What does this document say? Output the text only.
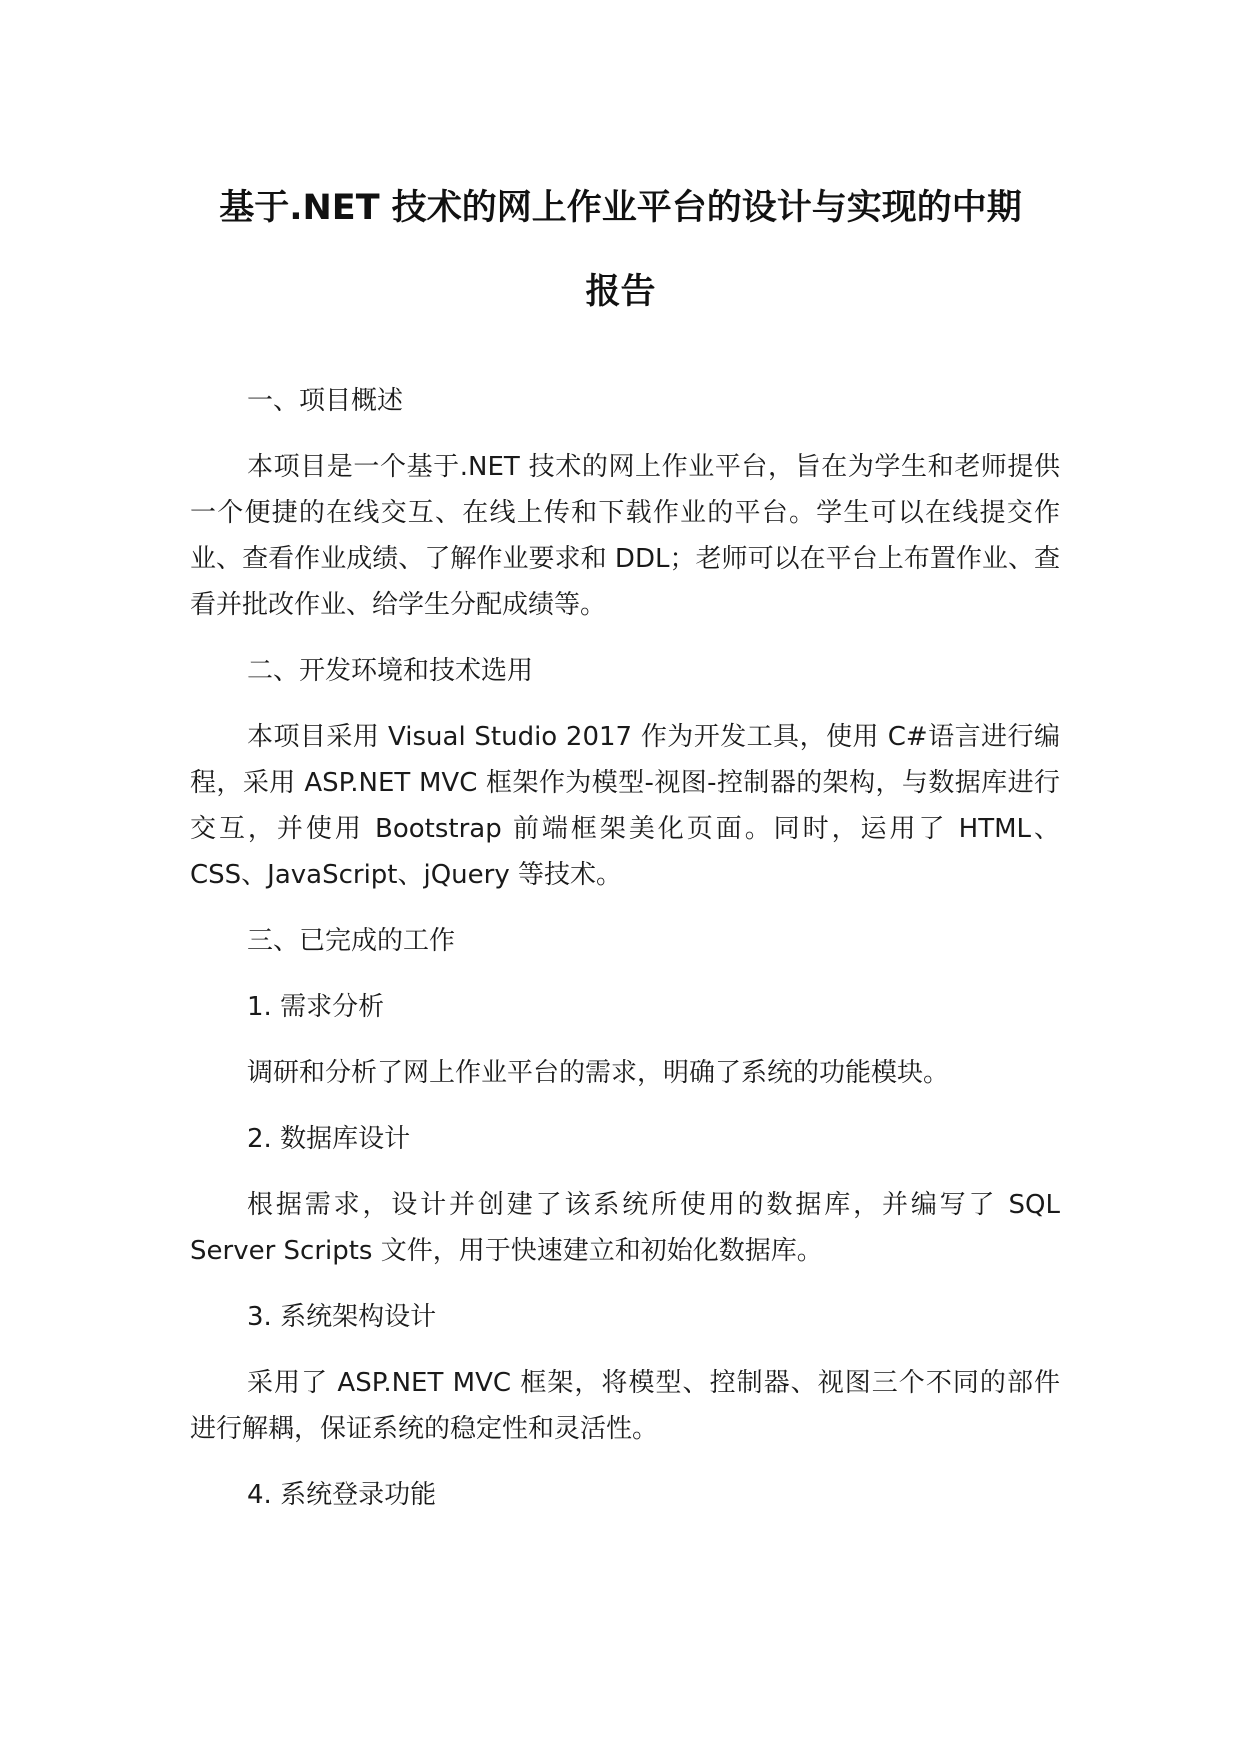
基于.NET 技术的网上作业平台的设计与实现的中期
报告
一、项目概述
本项目是一个基于.NET 技术的网上作业平台，旨在为学生和老师提供一个便捷的在线交互、在线上传和下载作业的平台。学生可以在线提交作业、查看作业成绩、了解作业要求和 DDL；老师可以在平台上布置作业、查看并批改作业、给学生分配成绩等。
二、开发环境和技术选用
本项目采用 Visual Studio 2017 作为开发工具，使用 C#语言进行编程，采用 ASP.NET MVC 框架作为模型-视图-控制器的架构，与数据库进行交互，并使用 Bootstrap 前端框架美化页面。同时，运用了 HTML、CSS、JavaScript、jQuery 等技术。
三、已完成的工作
1. 需求分析
调研和分析了网上作业平台的需求，明确了系统的功能模块。
2. 数据库设计
根据需求，设计并创建了该系统所使用的数据库，并编写了 SQL Server Scripts 文件，用于快速建立和初始化数据库。
3. 系统架构设计
采用了 ASP.NET MVC 框架，将模型、控制器、视图三个不同的部件进行解耦，保证系统的稳定性和灵活性。
4. 系统登录功能
